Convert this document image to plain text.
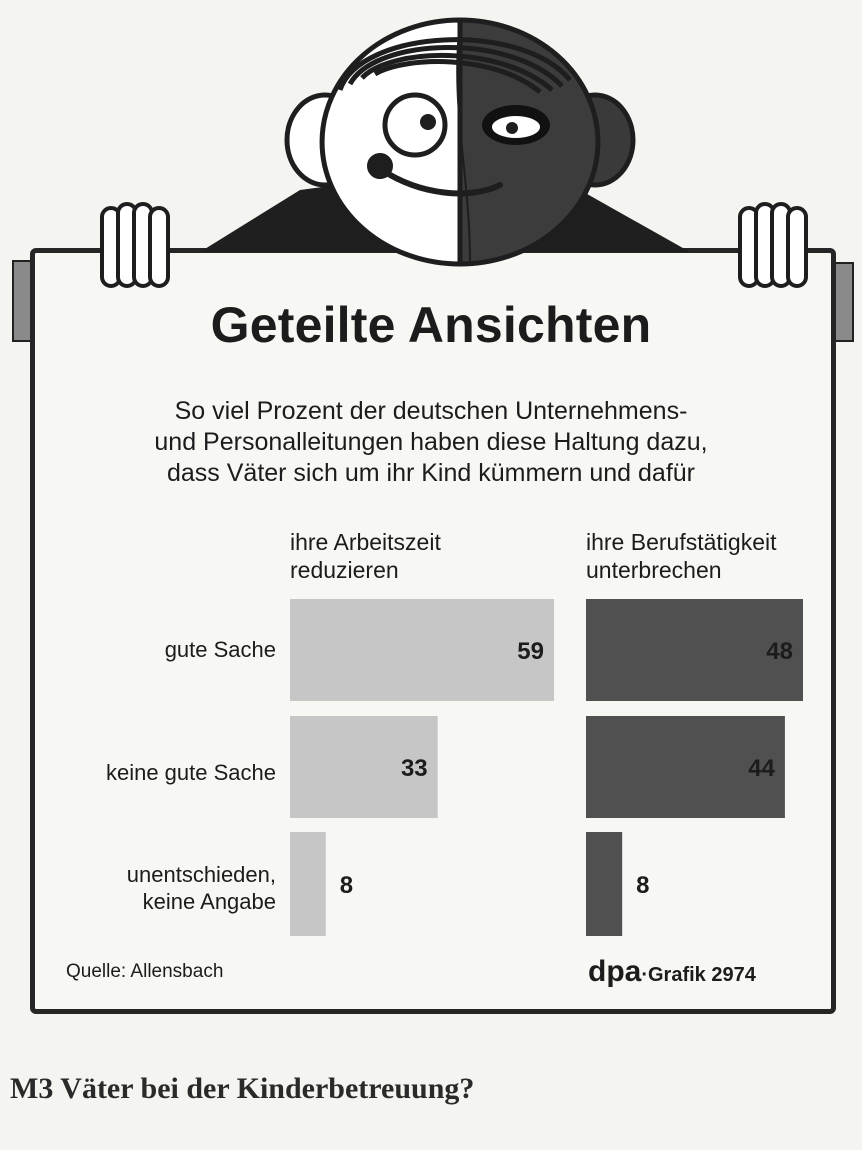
Geteilte Ansichten
So viel Prozent der deutschen Unternehmens-
und Personalleitungen haben diese Haltung dazu,
dass Väter sich um ihr Kind kümmern und dafür
ihre Arbeitszeit
reduzieren
ihre Berufstätigkeit
unterbrechen
gute Sache
keine gute Sache
unentschieden,
keine Angabe
59
33
8
48
44
8
Quelle: Allensbach	dpa·Grafik 2974
M3 Väter bei der Kinderbetreuung?
